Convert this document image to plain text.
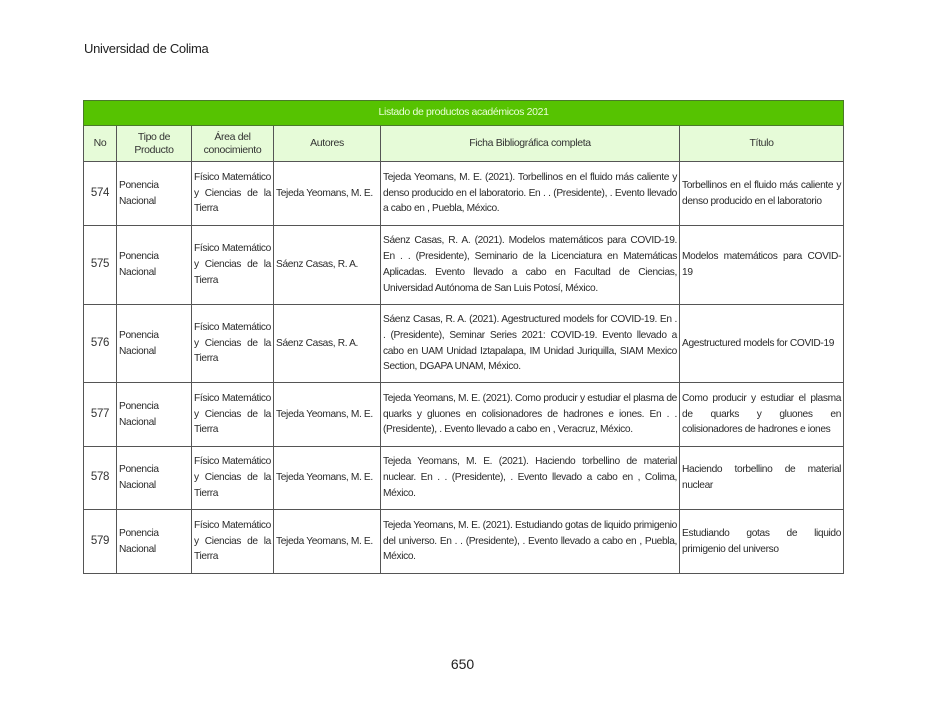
Universidad de Colima
Listado de productos académicos 2021					
No	Tipo de Producto	Área del conocimiento	Autores	Ficha Bibliográfica completa	Título
574	Ponencia Nacional	Físico Matemático y Ciencias de la Tierra	Tejeda Yeomans, M. E.	Tejeda Yeomans, M. E. (2021). Torbellinos en el fluido más caliente y denso producido en el laboratorio. En . . (Presidente), . Evento llevado a cabo en , Puebla, México.	Torbellinos en el fluido más caliente y denso producido en el laboratorio
575	Ponencia Nacional	Físico Matemático y Ciencias de la Tierra	Sáenz Casas, R. A.	Sáenz Casas, R. A. (2021). Modelos matemáticos para COVID-19. En . . (Presidente), Seminario de la Licenciatura en Matemáticas Aplicadas. Evento llevado a cabo en Facultad de Ciencias, Universidad Autónoma de San Luis Potosí, México.	Modelos matemáticos para COVID-19
576	Ponencia Nacional	Físico Matemático y Ciencias de la Tierra	Sáenz Casas, R. A.	Sáenz Casas, R. A. (2021). Agestructured models for COVID-19. En . . (Presidente), Seminar Series 2021: COVID-19. Evento llevado a cabo en UAM Unidad Iztapalapa, IM Unidad Juriquilla, SIAM Mexico Section, DGAPA UNAM, México.	Agestructured models for COVID-19
577	Ponencia Nacional	Físico Matemático y Ciencias de la Tierra	Tejeda Yeomans, M. E.	Tejeda Yeomans, M. E. (2021). Como producir y estudiar el plasma de quarks y gluones en colisionadores de hadrones e iones. En . . (Presidente), . Evento llevado a cabo en , Veracruz, México.	Como producir y estudiar el plasma de quarks y gluones en colisionadores de hadrones e iones
578	Ponencia Nacional	Físico Matemático y Ciencias de la Tierra	Tejeda Yeomans, M. E.	Tejeda Yeomans, M. E. (2021). Haciendo torbellino de material nuclear. En . . (Presidente), . Evento llevado a cabo en , Colima, México.	Haciendo torbellino de material nuclear
579	Ponencia Nacional	Físico Matemático y Ciencias de la Tierra	Tejeda Yeomans, M. E.	Tejeda Yeomans, M. E. (2021). Estudiando gotas de liquido primigenio del universo. En . . (Presidente), . Evento llevado a cabo en , Puebla, México.	Estudiando gotas de liquido primigenio del universo
650
